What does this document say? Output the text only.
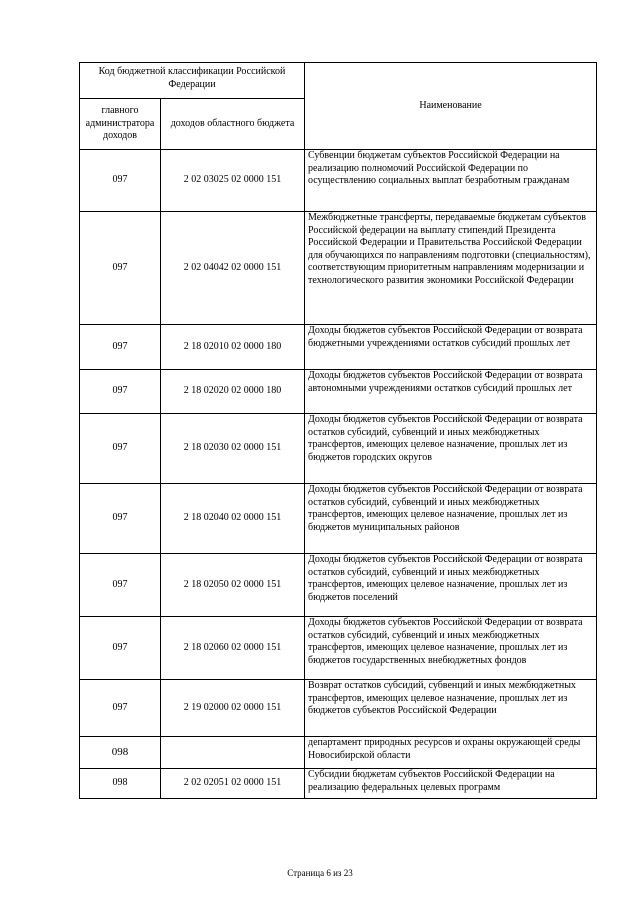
Код бюджетной классификации Российской Федерации		Наименование
главного администратора доходов	доходов областного бюджета	
097	2 02 03025 02 0000 151	Субвенции бюджетам субъектов Российской Федерации на реализацию полномочий Российской Федерации по осуществлению социальных выплат безработным гражданам
097	2 02 04042 02 0000 151	Межбюджетные трансферты, передаваемые бюджетам субъектов Российской федерации на выплату стипендий Президента Российской Федерации и Правительства Российской Федерации для обучающихся по направлениям подготовки (специальностям), соответствующим приоритетным направлениям модернизации и технологического развития экономики Российской Федерации
097	2 18 02010 02 0000 180	Доходы бюджетов субъектов Российской Федерации от возврата бюджетными учреждениями остатков субсидий прошлых лет
097	2 18 02020 02 0000 180	Доходы бюджетов субъектов Российской Федерации от возврата автономными учреждениями остатков субсидий прошлых лет
097	2 18 02030 02 0000 151	Доходы бюджетов субъектов Российской Федерации от возврата остатков субсидий, субвенций и иных межбюджетных трансфертов, имеющих целевое назначение, прошлых лет из бюджетов городских округов
097	2 18 02040 02 0000 151	Доходы бюджетов субъектов Российской Федерации от возврата остатков субсидий, субвенций и иных межбюджетных трансфертов, имеющих целевое назначение, прошлых лет из бюджетов муниципальных районов
097	2 18 02050 02 0000 151	Доходы бюджетов субъектов Российской Федерации от возврата остатков субсидий, субвенций и иных межбюджетных трансфертов, имеющих целевое назначение, прошлых лет из бюджетов поселений
097	2 18 02060 02 0000 151	Доходы бюджетов субъектов Российской Федерации от возврата остатков субсидий, субвенций и иных межбюджетных трансфертов, имеющих целевое назначение, прошлых лет из бюджетов государственных внебюджетных фондов
097	2 19 02000 02 0000 151	Возврат остатков субсидий, субвенций и иных межбюджетных трансфертов, имеющих целевое назначение, прошлых лет из бюджетов субъектов Российской Федерации
098		департамент природных ресурсов и охраны окружающей среды Новосибирской области
098	2 02 02051 02 0000 151	Субсидии бюджетам субъектов Российской Федерации на реализацию федеральных целевых программ
Страница 6 из 23
